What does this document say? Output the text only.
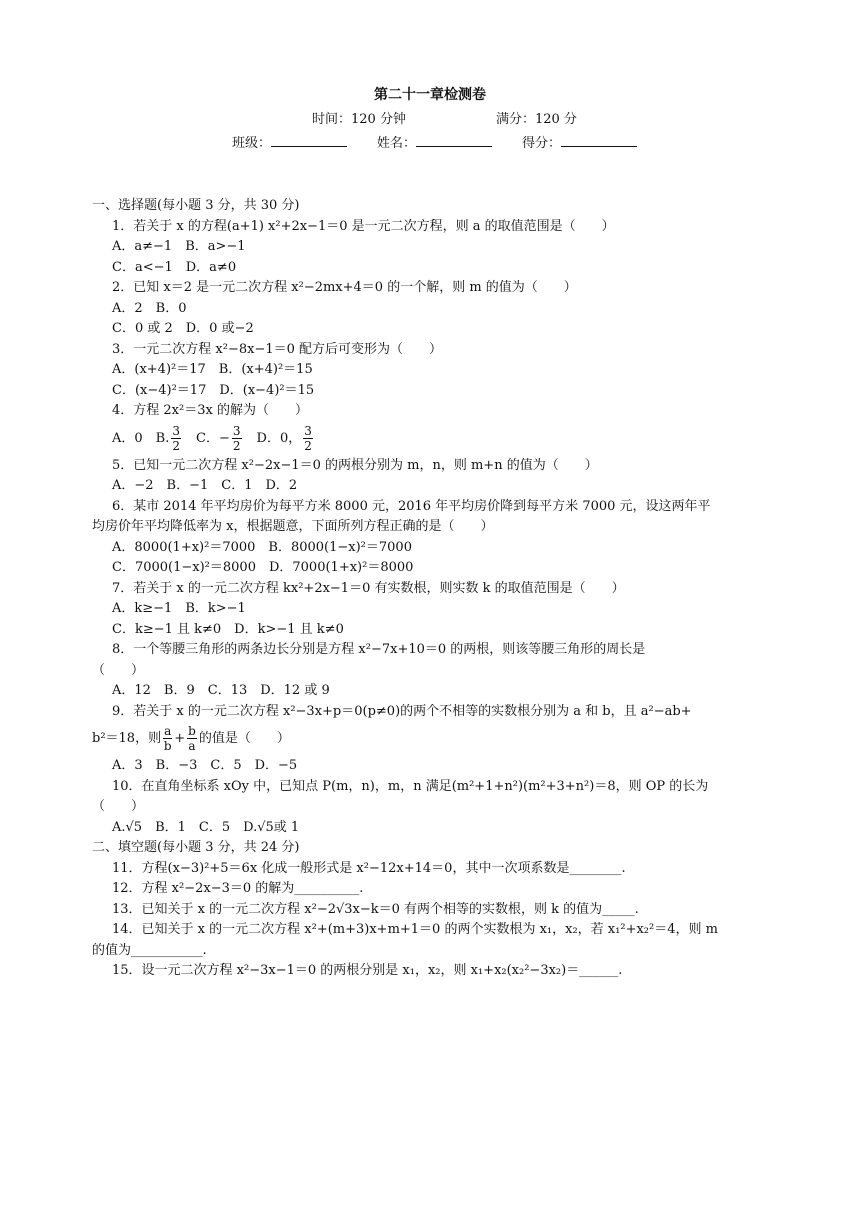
第二十一章检测卷
时间：120 分钟	满分：120 分
班级：	姓名：	得分：
一、选择题(每小题 3 分，共 30 分)
1．若关于 x 的方程(a+1) x²+2x−1＝0 是一元二次方程，则 a 的取值范围是（　　）
A．a≠−1　B．a>−1
C．a<−1　D．a≠0
2．已知 x＝2 是一元二次方程 x²−2mx+4＝0 的一个解，则 m 的值为（　　）
A．2　B．0
C．0 或 2　D．0 或−2
3．一元二次方程 x²−8x−1＝0 配方后可变形为（　　）
A．(x+4)²＝17　B．(x+4)²＝15
C．(x−4)²＝17　D．(x−4)²＝15
4．方程 2x²＝3x 的解为（　　）
A．0　B. $\frac{3}{2}$
　 C．− $\frac{3}{2}$
　 D．0， $\frac{3}{2}$
5．已知一元二次方程 x²−2x−1＝0 的两根分别为 m，n，则 m+n 的值为（　　）
A．−2　B．−1　C．1　D．2
6．某市 2014 年平均房价为每平方米 8000 元，2016 年平均房价降到每平方米 7000 元，设这两年平
均房价年平均降低率为 x，根据题意，下面所列方程正确的是（　　）
A．8000(1+x)²＝7000　B．8000(1−x)²＝7000
C．7000(1−x)²＝8000　D．7000(1+x)²＝8000
7．若关于 x 的一元二次方程 kx²+2x−1＝0 有实数根，则实数 k 的取值范围是（　　）
A．k≥−1　B．k>−1
C．k≥−1 且 k≠0　D．k>−1 且 k≠0
8．一个等腰三角形的两条边长分别是方程 x²−7x+10＝0 的两根，则该等腰三角形的周长是
（　　）
A．12　B．9　C．13　D．12 或 9
9．若关于 x 的一元二次方程 x²−3x+p＝0(p≠0)的两个不相等的实数根分别为 a 和 b，且 a²−ab+
b²＝18，则 $\frac{a}{b} + \frac{b}{a}$ 的值是（　　）
A．3　B．−3　C．5　D．−5
10．在直角坐标系 xOy 中，已知点 P(m，n)，m，n 满足(m²+1+n²)(m²+3+n²)＝8，则 OP 的长为
（　　）
A.√5　B．1　C．5　D.√5或 1
二、填空题(每小题 3 分，共 24 分)
11．方程(x−3)²+5＝6x 化成一般形式是 x²−12x+14＝0，其中一次项系数是________.
12．方程 x²−2x−3＝0 的解为__________.
13．已知关于 x 的一元二次方程 x²−2√3x−k＝0 有两个相等的实数根，则 k 的值为_____.
14．已知关于 x 的一元二次方程 x²+(m+3)x+m+1＝0 的两个实数根为 x₁，x₂，若 x₁²+x₂²＝4，则 m
的值为___________.
15．设一元二次方程 x²−3x−1＝0 的两根分别是 x₁，x₂，则 x₁+x₂(x₂²−3x₂)＝______.
